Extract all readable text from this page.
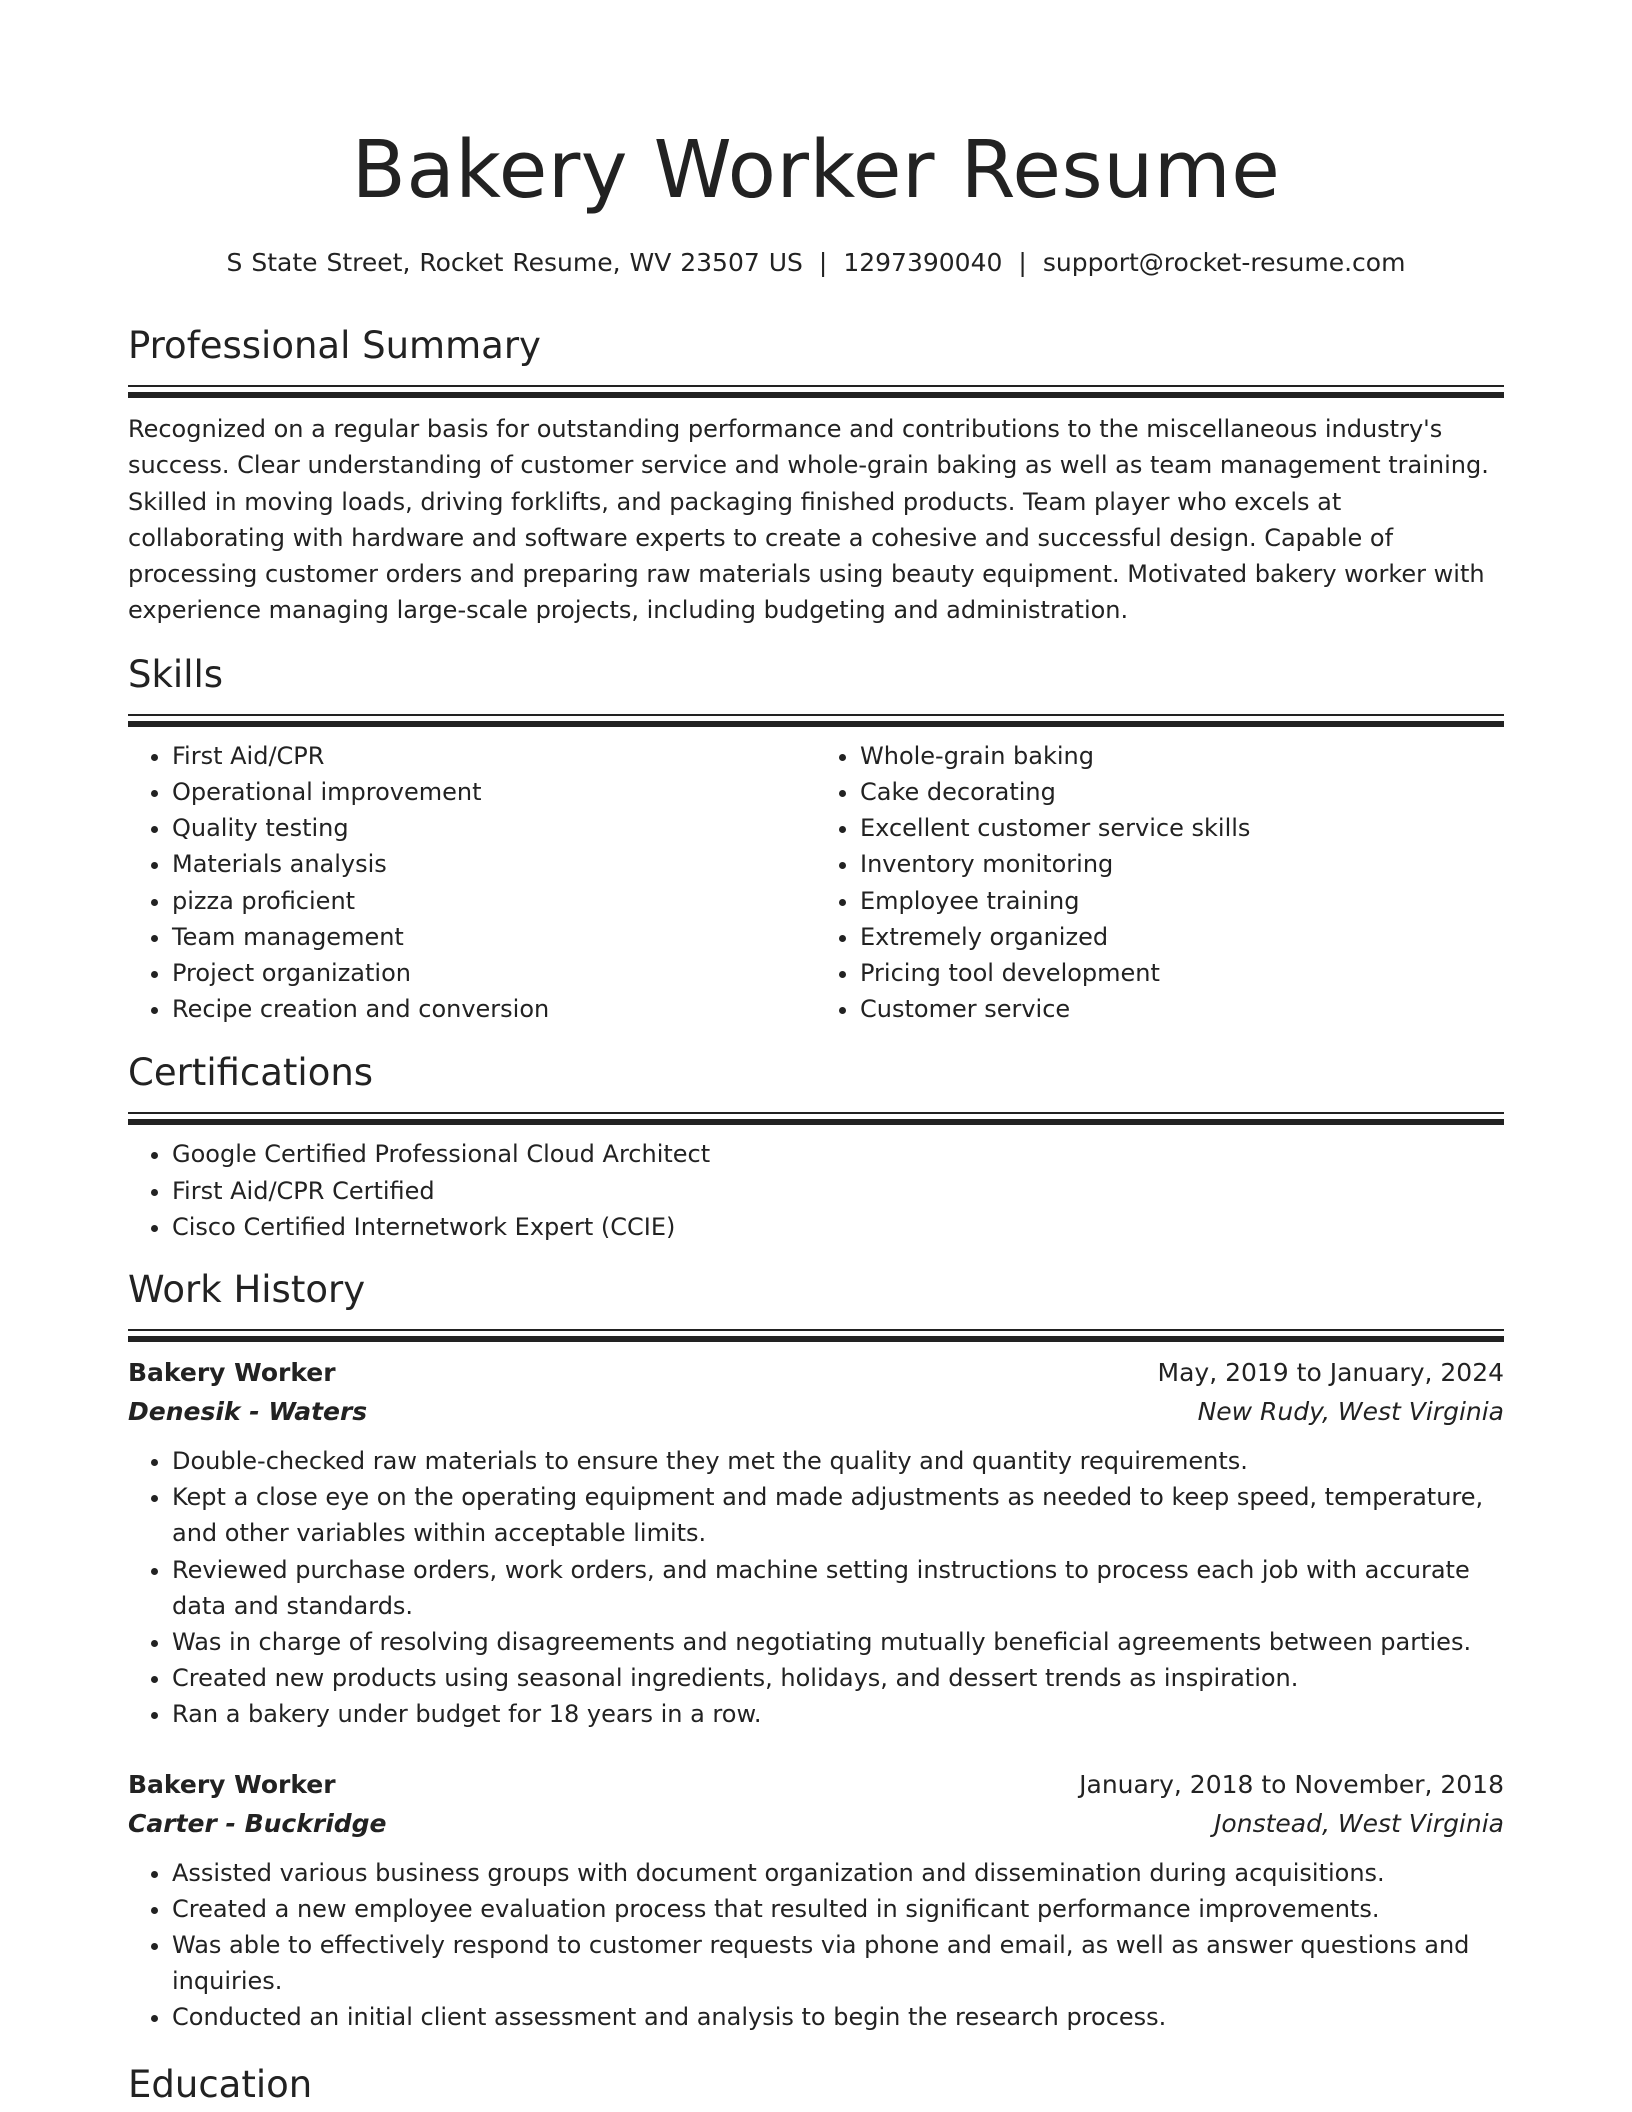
Bakery Worker Resume
S State Street, Rocket Resume, WV 23507 US | 1297390040 | support@rocket-resume.com
Professional Summary
Recognized on a regular basis for outstanding performance and contributions to the miscellaneous industry's success. Clear understanding of customer service and whole-grain baking as well as team management training. Skilled in moving loads, driving forklifts, and packaging finished products. Team player who excels at collaborating with hardware and software experts to create a cohesive and successful design. Capable of processing customer orders and preparing raw materials using beauty equipment. Motivated bakery worker with experience managing large-scale projects, including budgeting and administration.
Skills
• First Aid/CPR
• Operational improvement
• Quality testing
• Materials analysis
• pizza proficient
• Team management
• Project organization
• Recipe creation and conversion
• Whole-grain baking
• Cake decorating
• Excellent customer service skills
• Inventory monitoring
• Employee training
• Extremely organized
• Pricing tool development
• Customer service
Certifications
• Google Certified Professional Cloud Architect
• First Aid/CPR Certified
• Cisco Certified Internetwork Expert (CCIE)
Work History
Bakery Worker	May, 2019 to January, 2024
Denesik - Waters	New Rudy, West Virginia
• Double-checked raw materials to ensure they met the quality and quantity requirements.
• Kept a close eye on the operating equipment and made adjustments as needed to keep speed, temperature, and other variables within acceptable limits.
• Reviewed purchase orders, work orders, and machine setting instructions to process each job with accurate data and standards.
• Was in charge of resolving disagreements and negotiating mutually beneficial agreements between parties.
• Created new products using seasonal ingredients, holidays, and dessert trends as inspiration.
• Ran a bakery under budget for 18 years in a row.
Bakery Worker	January, 2018 to November, 2018
Carter - Buckridge	Jonstead, West Virginia
• Assisted various business groups with document organization and dissemination during acquisitions.
• Created a new employee evaluation process that resulted in significant performance improvements.
• Was able to effectively respond to customer requests via phone and email, as well as answer questions and inquiries.
• Conducted an initial client assessment and analysis to begin the research process.
Education
